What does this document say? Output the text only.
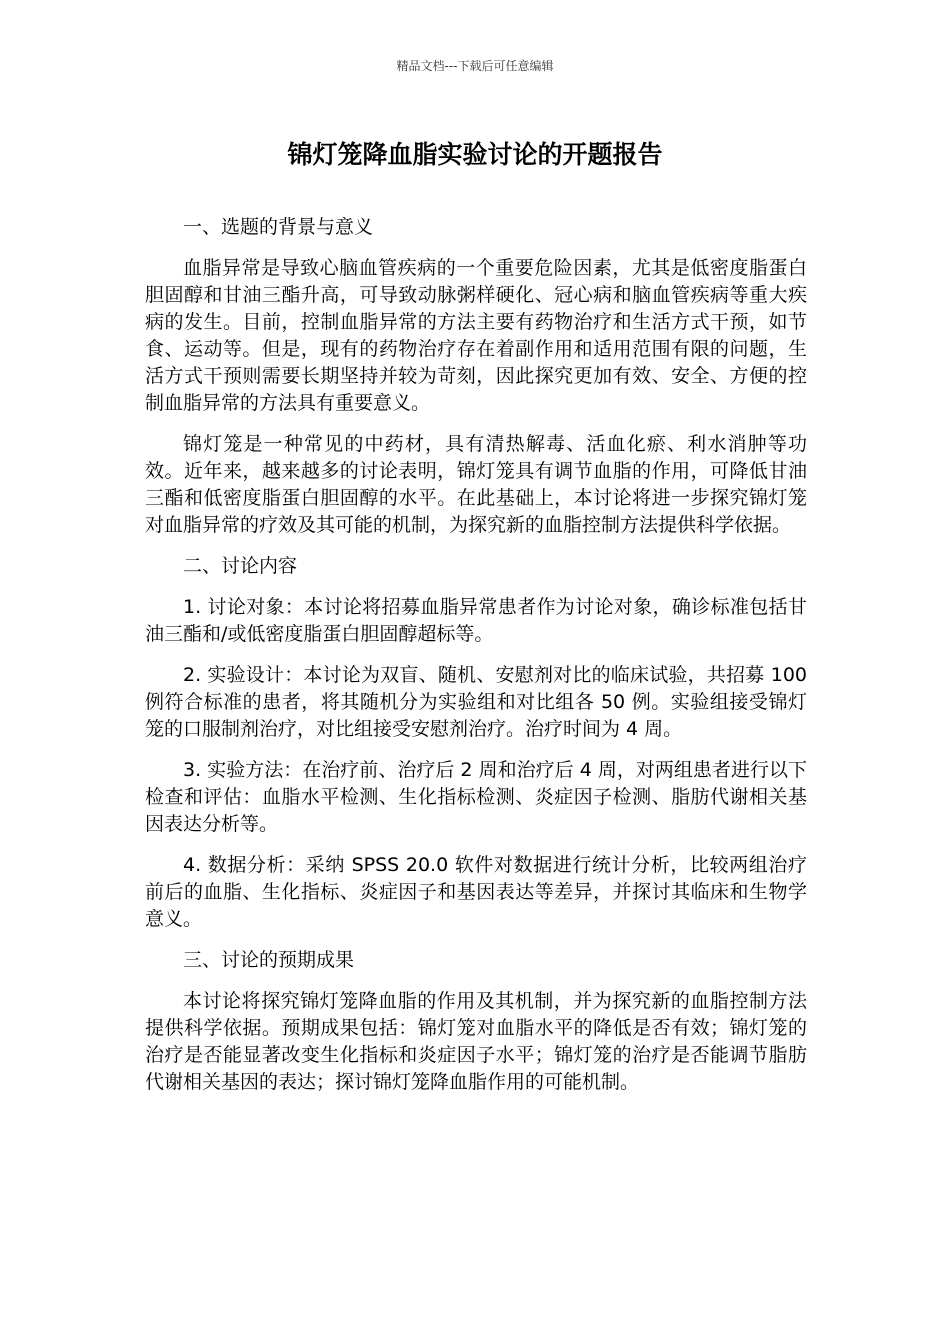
精品文档---下载后可任意编辑
锦灯笼降血脂实验讨论的开题报告

一、选题的背景与意义

血脂异常是导致心脑血管疾病的一个重要危险因素，尤其是低密度脂蛋白胆固醇和甘油三酯升高，可导致动脉粥样硬化、冠心病和脑血管疾病等重大疾病的发生。目前，控制血脂异常的方法主要有药物治疗和生活方式干预，如节食、运动等。但是，现有的药物治疗存在着副作用和适用范围有限的问题，生活方式干预则需要长期坚持并较为苛刻，因此探究更加有效、安全、方便的控制血脂异常的方法具有重要意义。

锦灯笼是一种常见的中药材，具有清热解毒、活血化瘀、利水消肿等功效。近年来，越来越多的讨论表明，锦灯笼具有调节血脂的作用，可降低甘油三酯和低密度脂蛋白胆固醇的水平。在此基础上，本讨论将进一步探究锦灯笼对血脂异常的疗效及其可能的机制，为探究新的血脂控制方法提供科学依据。

二、讨论内容

1. 讨论对象：本讨论将招募血脂异常患者作为讨论对象，确诊标准包括甘油三酯和/或低密度脂蛋白胆固醇超标等。

2. 实验设计：本讨论为双盲、随机、安慰剂对比的临床试验，共招募 100 例符合标准的患者，将其随机分为实验组和对比组各 50 例。实验组接受锦灯笼的口服制剂治疗，对比组接受安慰剂治疗。治疗时间为 4 周。

3. 实验方法：在治疗前、治疗后 2 周和治疗后 4 周，对两组患者进行以下检查和评估：血脂水平检测、生化指标检测、炎症因子检测、脂肪代谢相关基因表达分析等。

4. 数据分析：采纳 SPSS 20.0 软件对数据进行统计分析，比较两组治疗前后的血脂、生化指标、炎症因子和基因表达等差异，并探讨其临床和生物学意义。

三、讨论的预期成果

本讨论将探究锦灯笼降血脂的作用及其机制，并为探究新的血脂控制方法提供科学依据。预期成果包括：锦灯笼对血脂水平的降低是否有效；锦灯笼的治疗是否能显著改变生化指标和炎症因子水平；锦灯笼的治疗是否能调节脂肪代谢相关基因的表达；探讨锦灯笼降血脂作用的可能机制。
